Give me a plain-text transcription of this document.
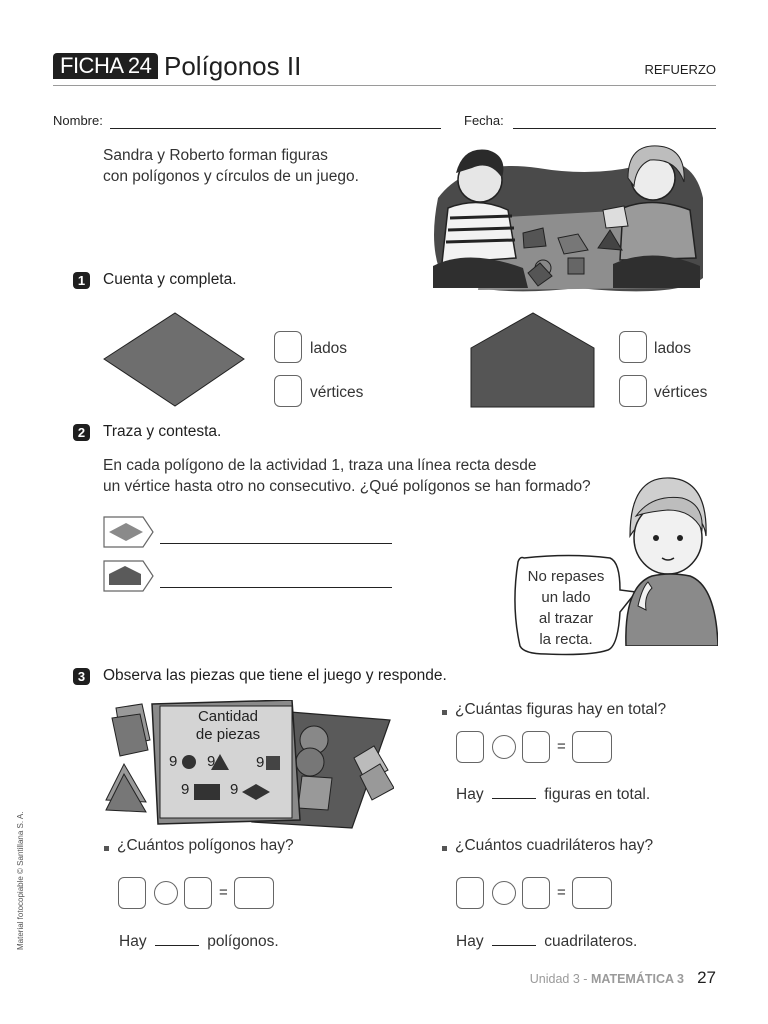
FICHA 24 Polígonos II	REFUERZO
Nombre:	Fecha:
Sandra y Roberto forman figuras
con polígonos y círculos de un juego.
1	Cuenta y completa.
lados
vértices
lados
vértices
2	Traza y contesta.
En cada polígono de la actividad 1, traza una línea recta desde
un vértice hasta otro no consecutivo. ¿Qué polígonos se han formado?
No repases
un lado
al trazar
la recta.
3	Observa las piezas que tiene el juego y responde.
Cantidad
de piezas
9 9	9
9	9
¿Cuántas figuras hay en total?
=
Hay	figuras en total.
¿Cuántos polígonos hay?
=
Hay	polígonos.
¿Cuántos cuadriláteros hay?
=
Hay	cuadrilateros.
Material fotocopiable © Santillana S. A.
Unidad 3 - MATEMÁTICA 3 27
